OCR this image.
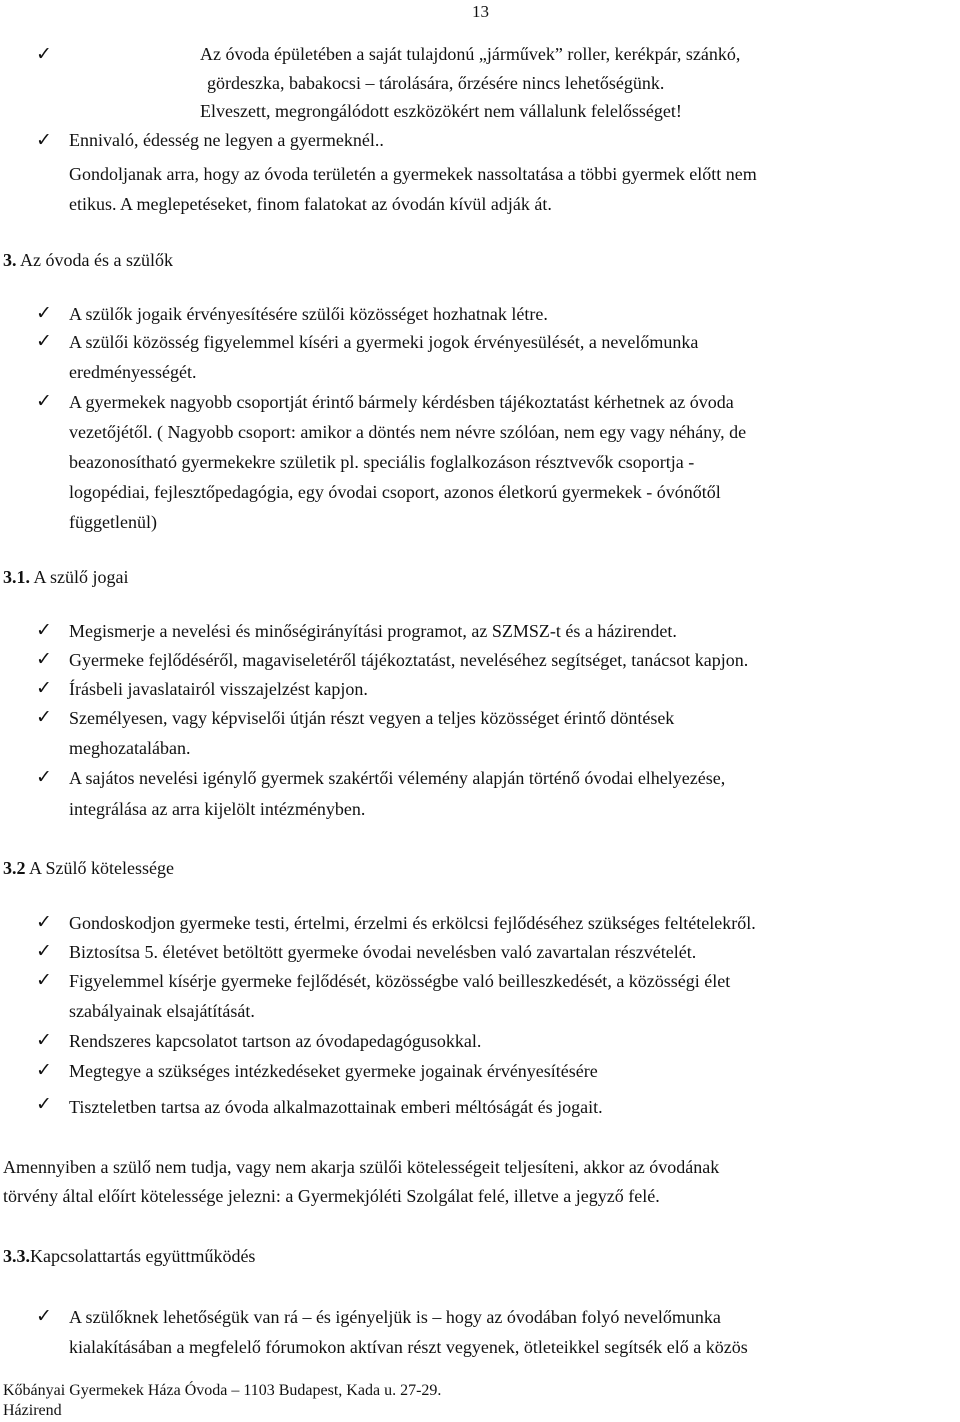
13
✓	Az óvoda épületében a saját tulajdonú „járművek” roller, kerékpár, szánkó,
gördeszka, babakocsi – tárolására, őrzésére nincs lehetőségünk.
Elveszett, megrongálódott eszközökért nem vállalunk felelősséget!
✓ Ennivaló, édesség ne legyen a gyermeknél..
Gondoljanak arra, hogy az óvoda területén a gyermekek nassoltatása a többi gyermek előtt nem
etikus. A meglepetéseket, finom falatokat az óvodán kívül adják át.
3. Az óvoda és a szülők
✓ A szülők jogaik érvényesítésére szülői közösséget hozhatnak létre.
✓ A szülői közösség figyelemmel kíséri a gyermeki jogok érvényesülését, a nevelőmunka
eredményességét.
✓ A gyermekek nagyobb csoportját érintő bármely kérdésben tájékoztatást kérhetnek az óvoda
vezetőjétől. ( Nagyobb csoport: amikor a döntés nem névre szólóan, nem egy vagy néhány, de
beazonosítható gyermekekre születik pl. speciális foglalkozáson résztvevők csoportja -
logopédiai, fejlesztőpedagógia, egy óvodai csoport, azonos életkorú gyermekek - óvónőtől
függetlenül)
3.1. A szülő jogai
✓ Megismerje a nevelési és minőségirányítási programot, az SZMSZ-t és a házirendet.
✓ Gyermeke fejlődéséről, magaviseletéről tájékoztatást, neveléséhez segítséget, tanácsot kapjon.
✓ Írásbeli javaslatairól visszajelzést kapjon.
✓ Személyesen, vagy képviselői útján részt vegyen a teljes közösséget érintő döntések
meghozatalában.
✓ A sajátos nevelési igénylő gyermek szakértői vélemény alapján történő óvodai elhelyezése,
integrálása az arra kijelölt intézményben.
3.2 A Szülő kötelessége
✓ Gondoskodjon gyermeke testi, értelmi, érzelmi és erkölcsi fejlődéséhez szükséges feltételekről.
✓ Biztosítsa 5. életévet betöltött gyermeke óvodai nevelésben való zavartalan részvételét.
✓ Figyelemmel kísérje gyermeke fejlődését, közösségbe való beilleszkedését, a közösségi élet
szabályainak elsajátítását.
✓ Rendszeres kapcsolatot tartson az óvodapedagógusokkal.
✓ Megtegye a szükséges intézkedéseket gyermeke jogainak érvényesítésére
✓ Tiszteletben tartsa az óvoda alkalmazottainak emberi méltóságát és jogait.
Amennyiben a szülő nem tudja, vagy nem akarja szülői kötelességeit teljesíteni, akkor az óvodának
törvény által előírt kötelessége jelezni: a Gyermekjóléti Szolgálat felé, illetve a jegyző felé.
3.3.Kapcsolattartás együttműködés
✓ A szülőknek lehetőségük van rá – és igényeljük is – hogy az óvodában folyó nevelőmunka
kialakításában a megfelelő fórumokon aktívan részt vegyenek, ötleteikkel segítsék elő a közös
Kőbányai Gyermekek Háza Óvoda – 1103 Budapest, Kada u. 27-29.
Házirend
